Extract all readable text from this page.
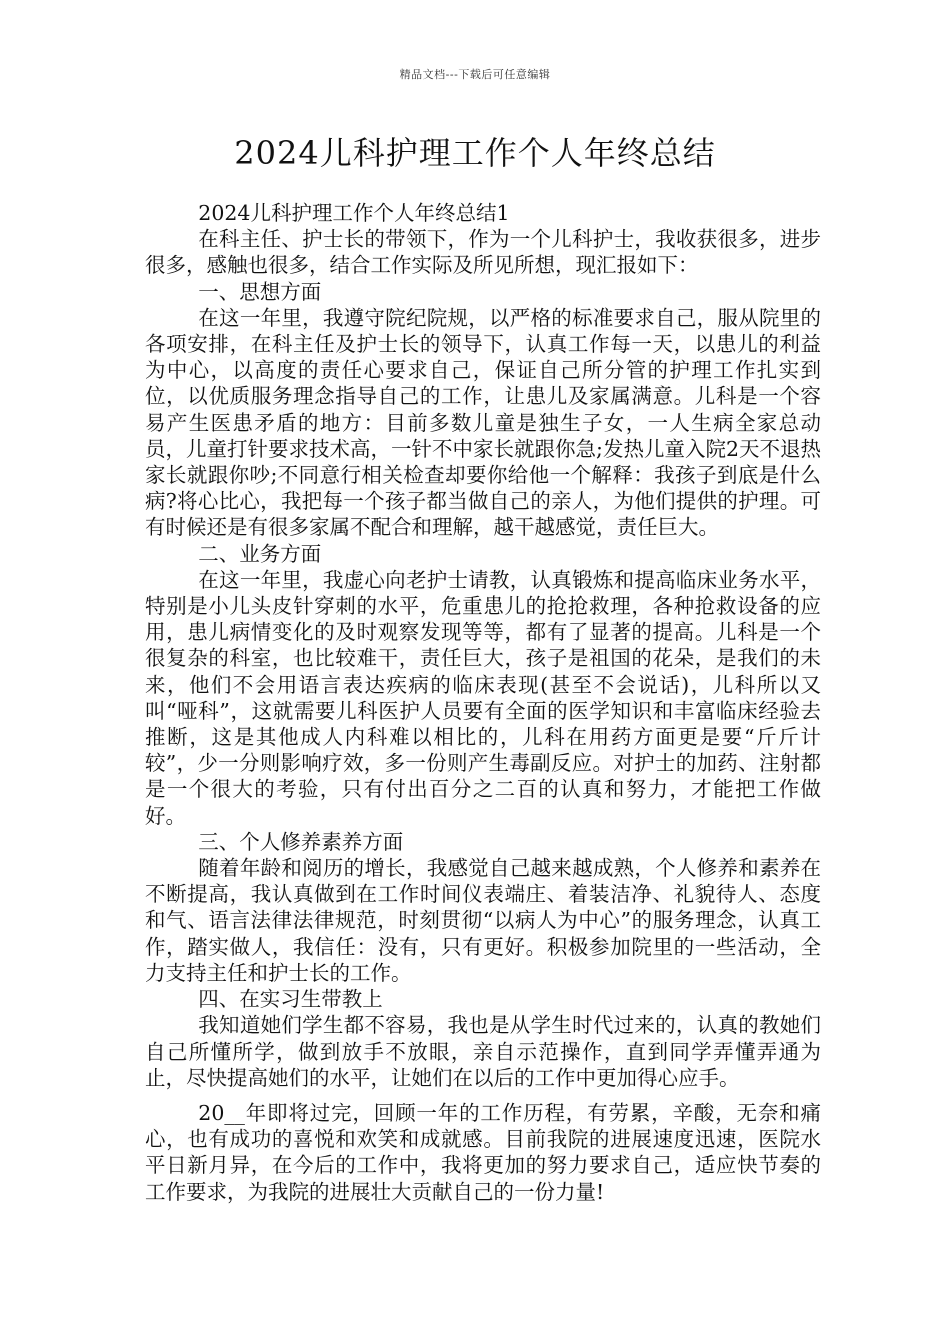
精品文档---下载后可任意编辑
2024儿科护理工作个人年终总结

2024儿科护理工作个人年终总结1

在科主任、护士长的带领下，作为一个儿科护士，我收获很多，进步很多，感触也很多，结合工作实际及所见所想，现汇报如下：

一、思想方面

在这一年里，我遵守院纪院规，以严格的标准要求自己，服从院里的各项安排，在科主任及护士长的领导下，认真工作每一天，以患儿的利益为中心，以高度的责任心要求自己，保证自己所分管的护理工作扎实到位，以优质服务理念指导自己的工作，让患儿及家属满意。儿科是一个容易产生医患矛盾的地方：目前多数儿童是独生子女，一人生病全家总动员，儿童打针要求技术高，一针不中家长就跟你急;发热儿童入院2天不退热家长就跟你吵;不同意行相关检查却要你给他一个解释：我孩子到底是什么病?将心比心，我把每一个孩子都当做自己的亲人，为他们提供的护理。可有时候还是有很多家属不配合和理解，越干越感觉，责任巨大。

二、业务方面

在这一年里，我虚心向老护士请教，认真锻炼和提高临床业务水平，特别是小儿头皮针穿刺的水平，危重患儿的抢抢救理，各种抢救设备的应用，患儿病情变化的及时观察发现等等，都有了显著的提高。儿科是一个很复杂的科室，也比较难干，责任巨大，孩子是祖国的花朵，是我们的未来，他们不会用语言表达疾病的临床表现(甚至不会说话)，儿科所以又叫“哑科”，这就需要儿科医护人员要有全面的医学知识和丰富临床经验去推断，这是其他成人内科难以相比的，儿科在用药方面更是要“斤斤计较”，少一分则影响疗效，多一份则产生毒副反应。对护士的加药、注射都是一个很大的考验，只有付出百分之二百的认真和努力，才能把工作做好。

三、个人修养素养方面

随着年龄和阅历的增长，我感觉自己越来越成熟，个人修养和素养在不断提高，我认真做到在工作时间仪表端庄、着装洁净、礼貌待人、态度和气、语言法律法律规范，时刻贯彻“以病人为中心”的服务理念，认真工作，踏实做人，我信任：没有，只有更好。积极参加院里的一些活动，全力支持主任和护士长的工作。

四、在实习生带教上

我知道她们学生都不容易，我也是从学生时代过来的，认真的教她们自己所懂所学，做到放手不放眼，亲自示范操作，直到同学弄懂弄通为止，尽快提高她们的水平，让她们在以后的工作中更加得心应手。

20__年即将过完，回顾一年的工作历程，有劳累，辛酸，无奈和痛心，也有成功的喜悦和欢笑和成就感。目前我院的进展速度迅速，医院水平日新月异，在今后的工作中，我将更加的努力要求自己，适应快节奏的工作要求，为我院的进展壮大贡献自己的一份力量!
